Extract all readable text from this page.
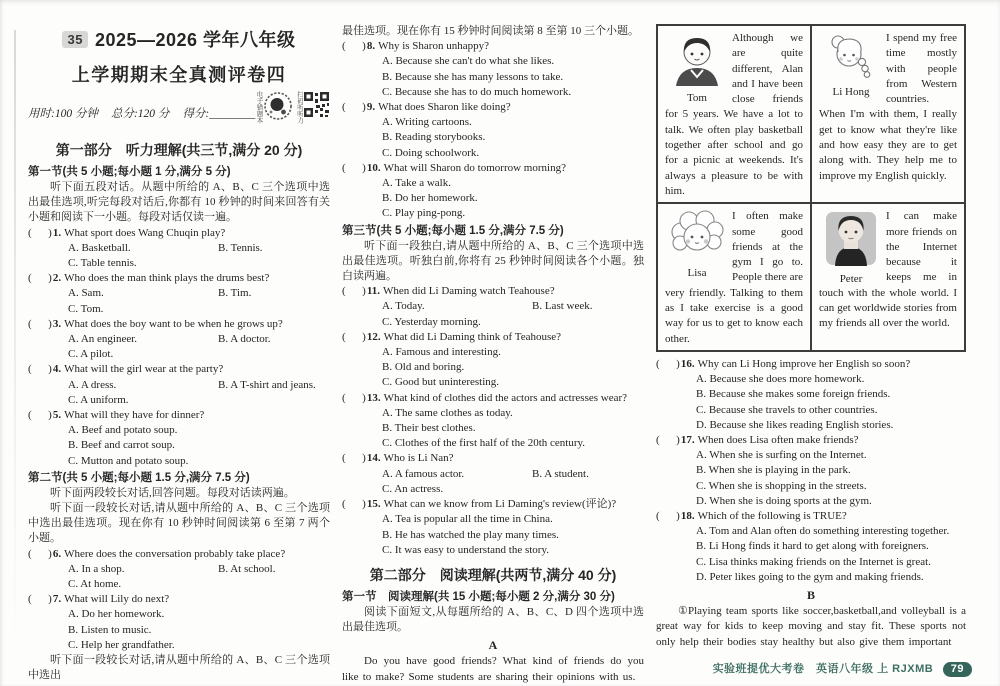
35 2025—2026 学年八年级
上学期期末全真测评卷四
用时:100 分钟 总分:120 分 得分:________ 电子错题本	扫码听听力
第一部分　听力理解(共三节,满分 20 分)
第一节(共 5 小题;每小题 1 分,满分 5 分)

听下面五段对话。从题中所给的 A、B、C 三个选项中选出最佳选项,听完每段对话后,你都有 10 秒钟的时间来回答有关小题和阅读下一小题。每段对话仅读一遍。

(      )1. What sport does Wang Chuqin play?
A. Basketball.	B. Tennis.
C. Table tennis.
(      )2. Who does the man think plays the drums best?
A. Sam.	B. Tim.
C. Tom.
(      )3. What does the boy want to be when he grows up?
A. An engineer.	B. A doctor.
C. A pilot.
(      )4. What will the girl wear at the party?
A. A dress.	B. A T-shirt and jeans.
C. A uniform.
(      )5. What will they have for dinner?
A. Beef and potato soup.
B. Beef and carrot soup.
C. Mutton and potato soup.
第二节(共 5 小题;每小题 1.5 分,满分 7.5 分)

听下面两段较长对话,回答问题。每段对话读两遍。

听下面一段较长对话,请从题中所给的 A、B、C 三个选项中选出最佳选项。现在你有 10 秒钟时间阅读第 6 至第 7 两个小题。

(      )6. Where does the conversation probably take place?
A. In a shop.	B. At school.
C. At home.
(      )7. What will Lily do next?
A. Do her homework.
B. Listen to music.
C. Help her grandfather.

听下面一段较长对话,请从题中所给的 A、B、C 三个选项中选出

最佳选项。现在你有 15 秒钟时间阅读第 8 至第 10 三个小题。

(      )8. Why is Sharon unhappy?
A. Because she can't do what she likes.
B. Because she has many lessons to take.
C. Because she has to do much homework.
(      )9. What does Sharon like doing?
A. Writing cartoons.
B. Reading storybooks.
C. Doing schoolwork.
(      )10. What will Sharon do tomorrow morning?
A. Take a walk.
B. Do her homework.
C. Play ping-pong.
第三节(共 5 小题;每小题 1.5 分,满分 7.5 分)

听下面一段独白,请从题中所给的 A、B、C 三个选项中选出最佳选项。听独白前,你将有 25 秒钟时间阅读各个小题。独白读两遍。

(      )11. When did Li Daming watch Teahouse?
A. Today.	B. Last week.
C. Yesterday morning.
(      )12. What did Li Daming think of Teahouse?
A. Famous and interesting.
B. Old and boring.
C. Good but uninteresting.
(      )13. What kind of clothes did the actors and actresses wear?
A. The same clothes as today.
B. Their best clothes.
C. Clothes of the first half of the 20th century.
(      )14. Who is Li Nan?
A. A famous actor.	B. A student.
C. An actress.
(      )15. What can we know from Li Daming's review(评论)?
A. Tea is popular all the time in China.
B. He has watched the play many times.
C. It was easy to understand the story.
第二部分　阅读理解(共两节,满分 40 分)
第一节　阅读理解(共 15 小题;每小题 2 分,满分 30 分)

阅读下面短文,从每题所给的 A、B、C、D 四个选项中选出最佳选项。

A

Do you have good friends? What kind of friends do you like to make? Some students are sharing their opinions with us.

Tom
Although we are quite different, Alan and I have been close friends for 5 years. We have a lot to talk. We often play basketball together after school and go for a picnic at weekends. It's always a pleasure to be with him.
Li Hong
I spend my free time mostly with people from Western countries. When I'm with them, I really get to know what they're like and how easy they are to get along with. They help me to improve my English quickly.
Lisa
I often make some good friends at the gym I go to. People there are very friendly. Talking to them as I take exercise is a good way for us to get to know each other.
Peter
I can make more friends on the Internet because it keeps me in touch with the whole world. I can get worldwide stories from my friends all over the world.
(      )16. Why can Li Hong improve her English so soon?
A. Because she does more homework.
B. Because she makes some foreign friends.
C. Because she travels to other countries.
D. Because she likes reading English stories.
(      )17. When does Lisa often make friends?
A. When she is surfing on the Internet.
B. When she is playing in the park.
C. When she is shopping in the streets.
D. When she is doing sports at the gym.
(      )18. Which of the following is TRUE?
A. Tom and Alan often do something interesting together.
B. Li Hong finds it hard to get along with foreigners.
C. Lisa thinks making friends on the Internet is great.
D. Peter likes going to the gym and making friends.
B

①Playing team sports like soccer,basketball,and volleyball is a great way for kids to keep moving and stay fit. These sports not only help their bodies stay healthy but also give them important

实验班提优大考卷　英语八年级 上 RJXMB 79
